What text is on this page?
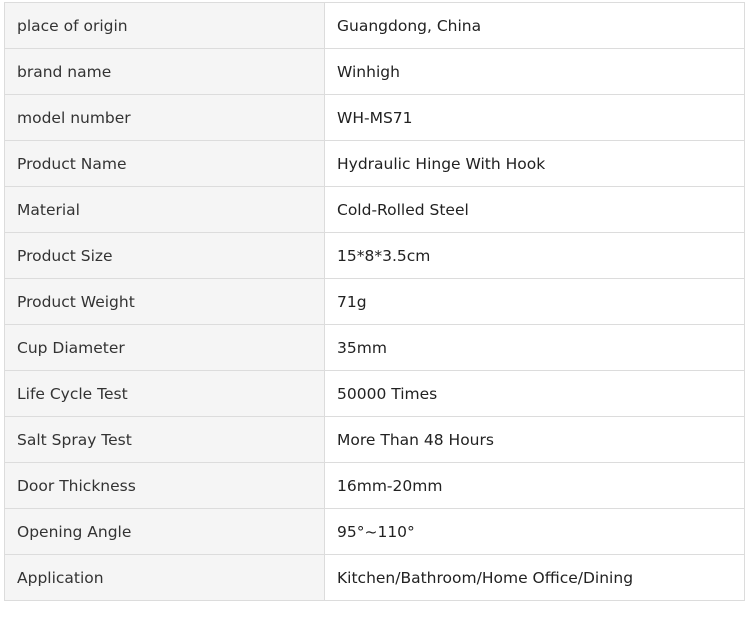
place of origin	Guangdong, China
brand name	Winhigh
model number	WH-MS71
Product Name	Hydraulic Hinge With Hook
Material	Cold-Rolled Steel
Product Size	15*8*3.5cm
Product Weight	71g
Cup Diameter	35mm
Life Cycle Test	50000 Times
Salt Spray Test	More Than 48 Hours
Door Thickness	16mm-20mm
Opening Angle	95°~110°
Application	Kitchen/Bathroom/Home Office/Dining
